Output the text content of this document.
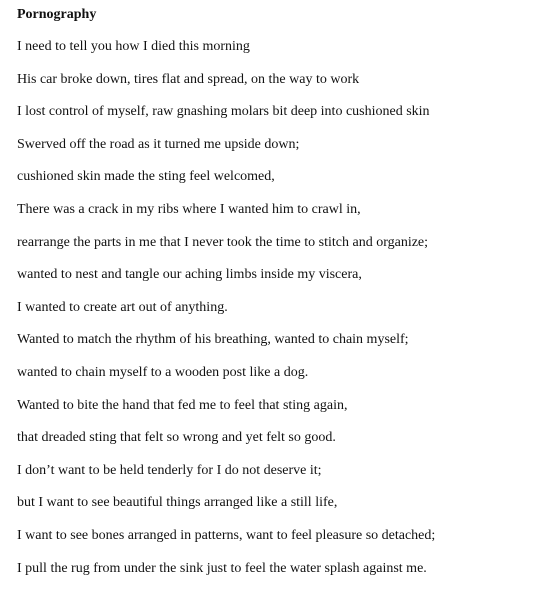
Pornography
I need to tell you how I died this morning
His car broke down, tires flat and spread, on the way to work
I lost control of myself, raw gnashing molars bit deep into cushioned skin
Swerved off the road as it turned me upside down;
cushioned skin made the sting feel welcomed,
There was a crack in my ribs where I wanted him to crawl in,
rearrange the parts in me that I never took the time to stitch and organize;
wanted to nest and tangle our aching limbs inside my viscera,
I wanted to create art out of anything.
Wanted to match the rhythm of his breathing, wanted to chain myself;
wanted to chain myself to a wooden post like a dog.
Wanted to bite the hand that fed me to feel that sting again,
that dreaded sting that felt so wrong and yet felt so good.
I don’t want to be held tenderly for I do not deserve it;
but I want to see beautiful things arranged like a still life,
I want to see bones arranged in patterns, want to feel pleasure so detached;
I pull the rug from under the sink just to feel the water splash against me.
